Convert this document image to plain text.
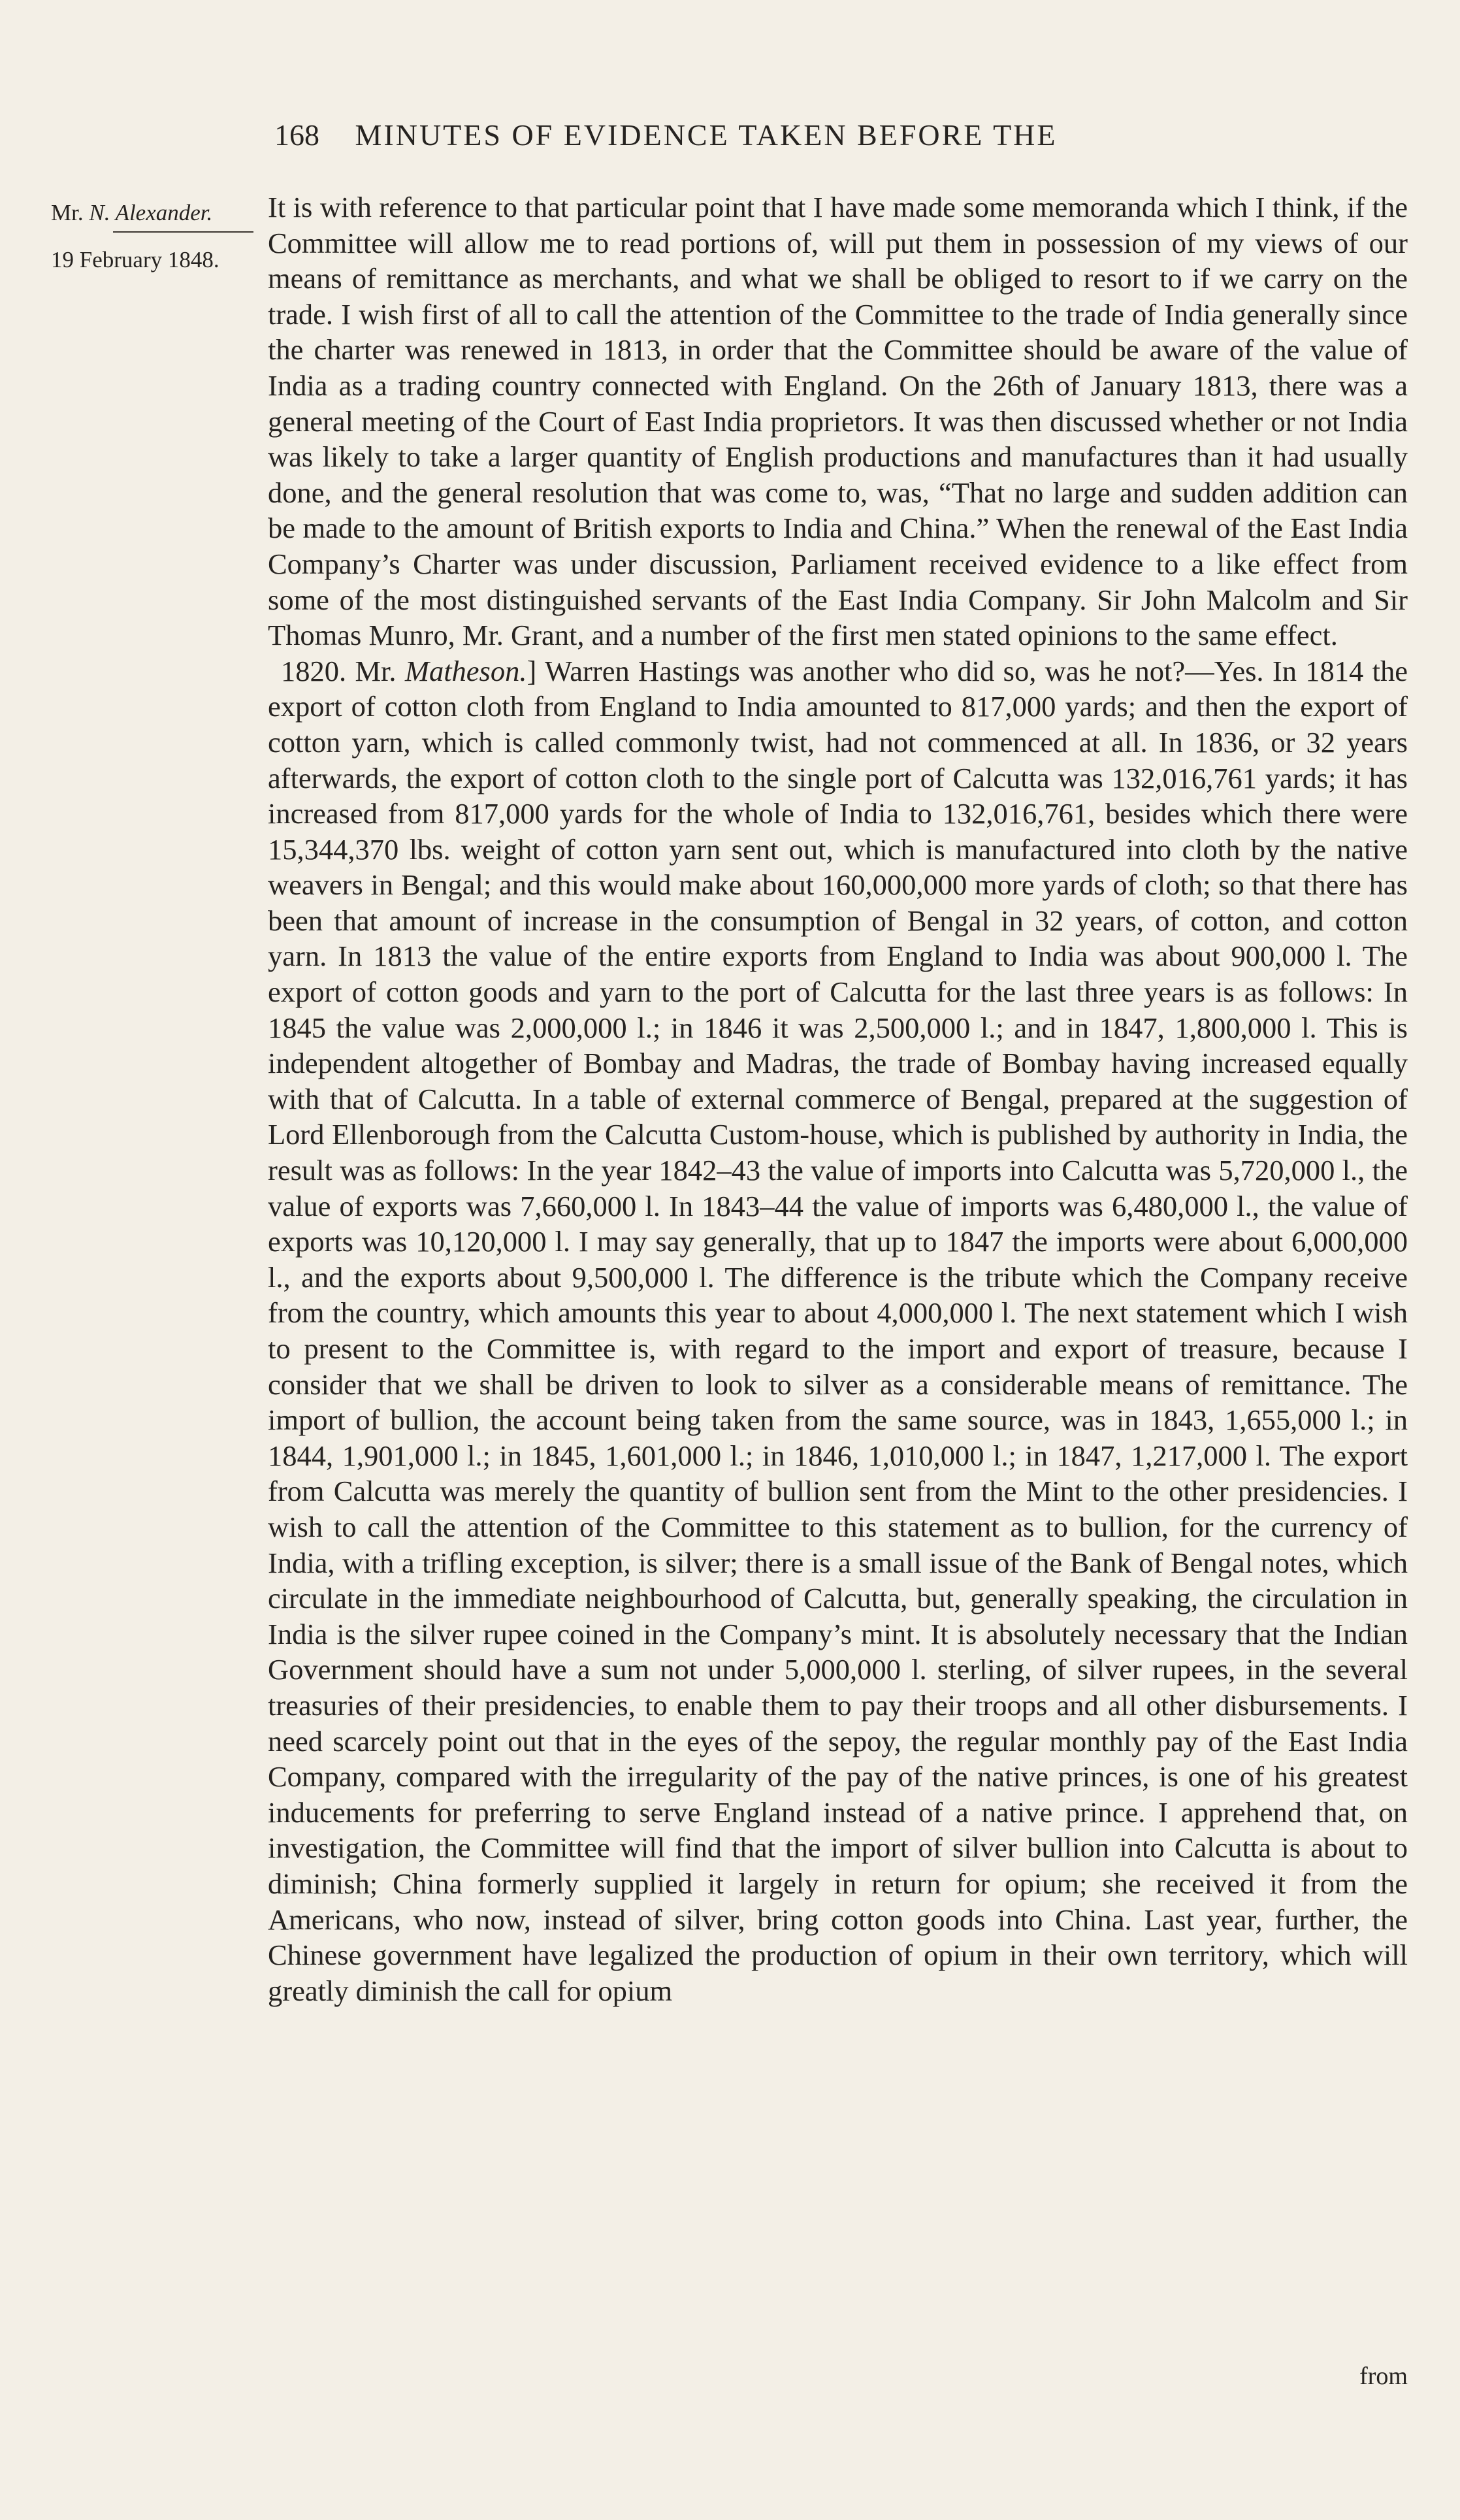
168 MINUTES OF EVIDENCE TAKEN BEFORE THE
Mr. N. Alexander.
19 February 1848.

It is with reference to that particular point that I have made some memoranda which I think, if the Committee will allow me to read portions of, will put them in possession of my views of our means of remittance as merchants, and what we shall be obliged to resort to if we carry on the trade. I wish first of all to call the attention of the Committee to the trade of India generally since the charter was renewed in 1813, in order that the Committee should be aware of the value of India as a trading country connected with England. On the 26th of January 1813, there was a general meeting of the Court of East India proprietors. It was then discussed whether or not India was likely to take a larger quantity of English productions and manufactures than it had usually done, and the general resolution that was come to, was, “That no large and sudden addition can be made to the amount of British exports to India and China.” When the renewal of the East India Company’s Charter was under discussion, Parliament received evidence to a like effect from some of the most distinguished servants of the East India Company. Sir John Malcolm and Sir Thomas Munro, Mr. Grant, and a number of the first men stated opinions to the same effect.

1820. Mr. Matheson.] Warren Hastings was another who did so, was he not?—Yes. In 1814 the export of cotton cloth from England to India amounted to 817,000 yards; and then the export of cotton yarn, which is called commonly twist, had not commenced at all. In 1836, or 32 years afterwards, the export of cotton cloth to the single port of Calcutta was 132,016,761 yards; it has increased from 817,000 yards for the whole of India to 132,016,761, besides which there were 15,344,370 lbs. weight of cotton yarn sent out, which is manufactured into cloth by the native weavers in Bengal; and this would make about 160,000,000 more yards of cloth; so that there has been that amount of increase in the consumption of Bengal in 32 years, of cotton, and cotton yarn. In 1813 the value of the entire exports from England to India was about 900,000 l. The export of cotton goods and yarn to the port of Calcutta for the last three years is as follows: In 1845 the value was 2,000,000 l.; in 1846 it was 2,500,000 l.; and in 1847, 1,800,000 l. This is independent altogether of Bombay and Madras, the trade of Bombay having increased equally with that of Calcutta. In a table of external commerce of Bengal, prepared at the suggestion of Lord Ellenborough from the Calcutta Custom-house, which is published by authority in India, the result was as follows: In the year 1842–43 the value of imports into Calcutta was 5,720,000 l., the value of exports was 7,660,000 l. In 1843–44 the value of imports was 6,480,000 l., the value of exports was 10,120,000 l. I may say generally, that up to 1847 the imports were about 6,000,000 l., and the exports about 9,500,000 l. The difference is the tribute which the Company receive from the country, which amounts this year to about 4,000,000 l. The next statement which I wish to present to the Committee is, with regard to the import and export of treasure, because I consider that we shall be driven to look to silver as a considerable means of remittance. The import of bullion, the account being taken from the same source, was in 1843, 1,655,000 l.; in 1844, 1,901,000 l.; in 1845, 1,601,000 l.; in 1846, 1,010,000 l.; in 1847, 1,217,000 l. The export from Calcutta was merely the quantity of bullion sent from the Mint to the other presidencies. I wish to call the attention of the Committee to this statement as to bullion, for the currency of India, with a trifling exception, is silver; there is a small issue of the Bank of Bengal notes, which circulate in the immediate neighbourhood of Calcutta, but, generally speaking, the circulation in India is the silver rupee coined in the Company’s mint. It is absolutely necessary that the Indian Government should have a sum not under 5,000,000 l. sterling, of silver rupees, in the several treasuries of their presidencies, to enable them to pay their troops and all other disbursements. I need scarcely point out that in the eyes of the sepoy, the regular monthly pay of the East India Company, compared with the irregularity of the pay of the native princes, is one of his greatest inducements for preferring to serve England instead of a native prince. I apprehend that, on investigation, the Committee will find that the import of silver bullion into Calcutta is about to diminish; China formerly supplied it largely in return for opium; she received it from the Americans, who now, instead of silver, bring cotton goods into China. Last year, further, the Chinese government have legalized the production of opium in their own territory, which will greatly diminish the call for opium

from
